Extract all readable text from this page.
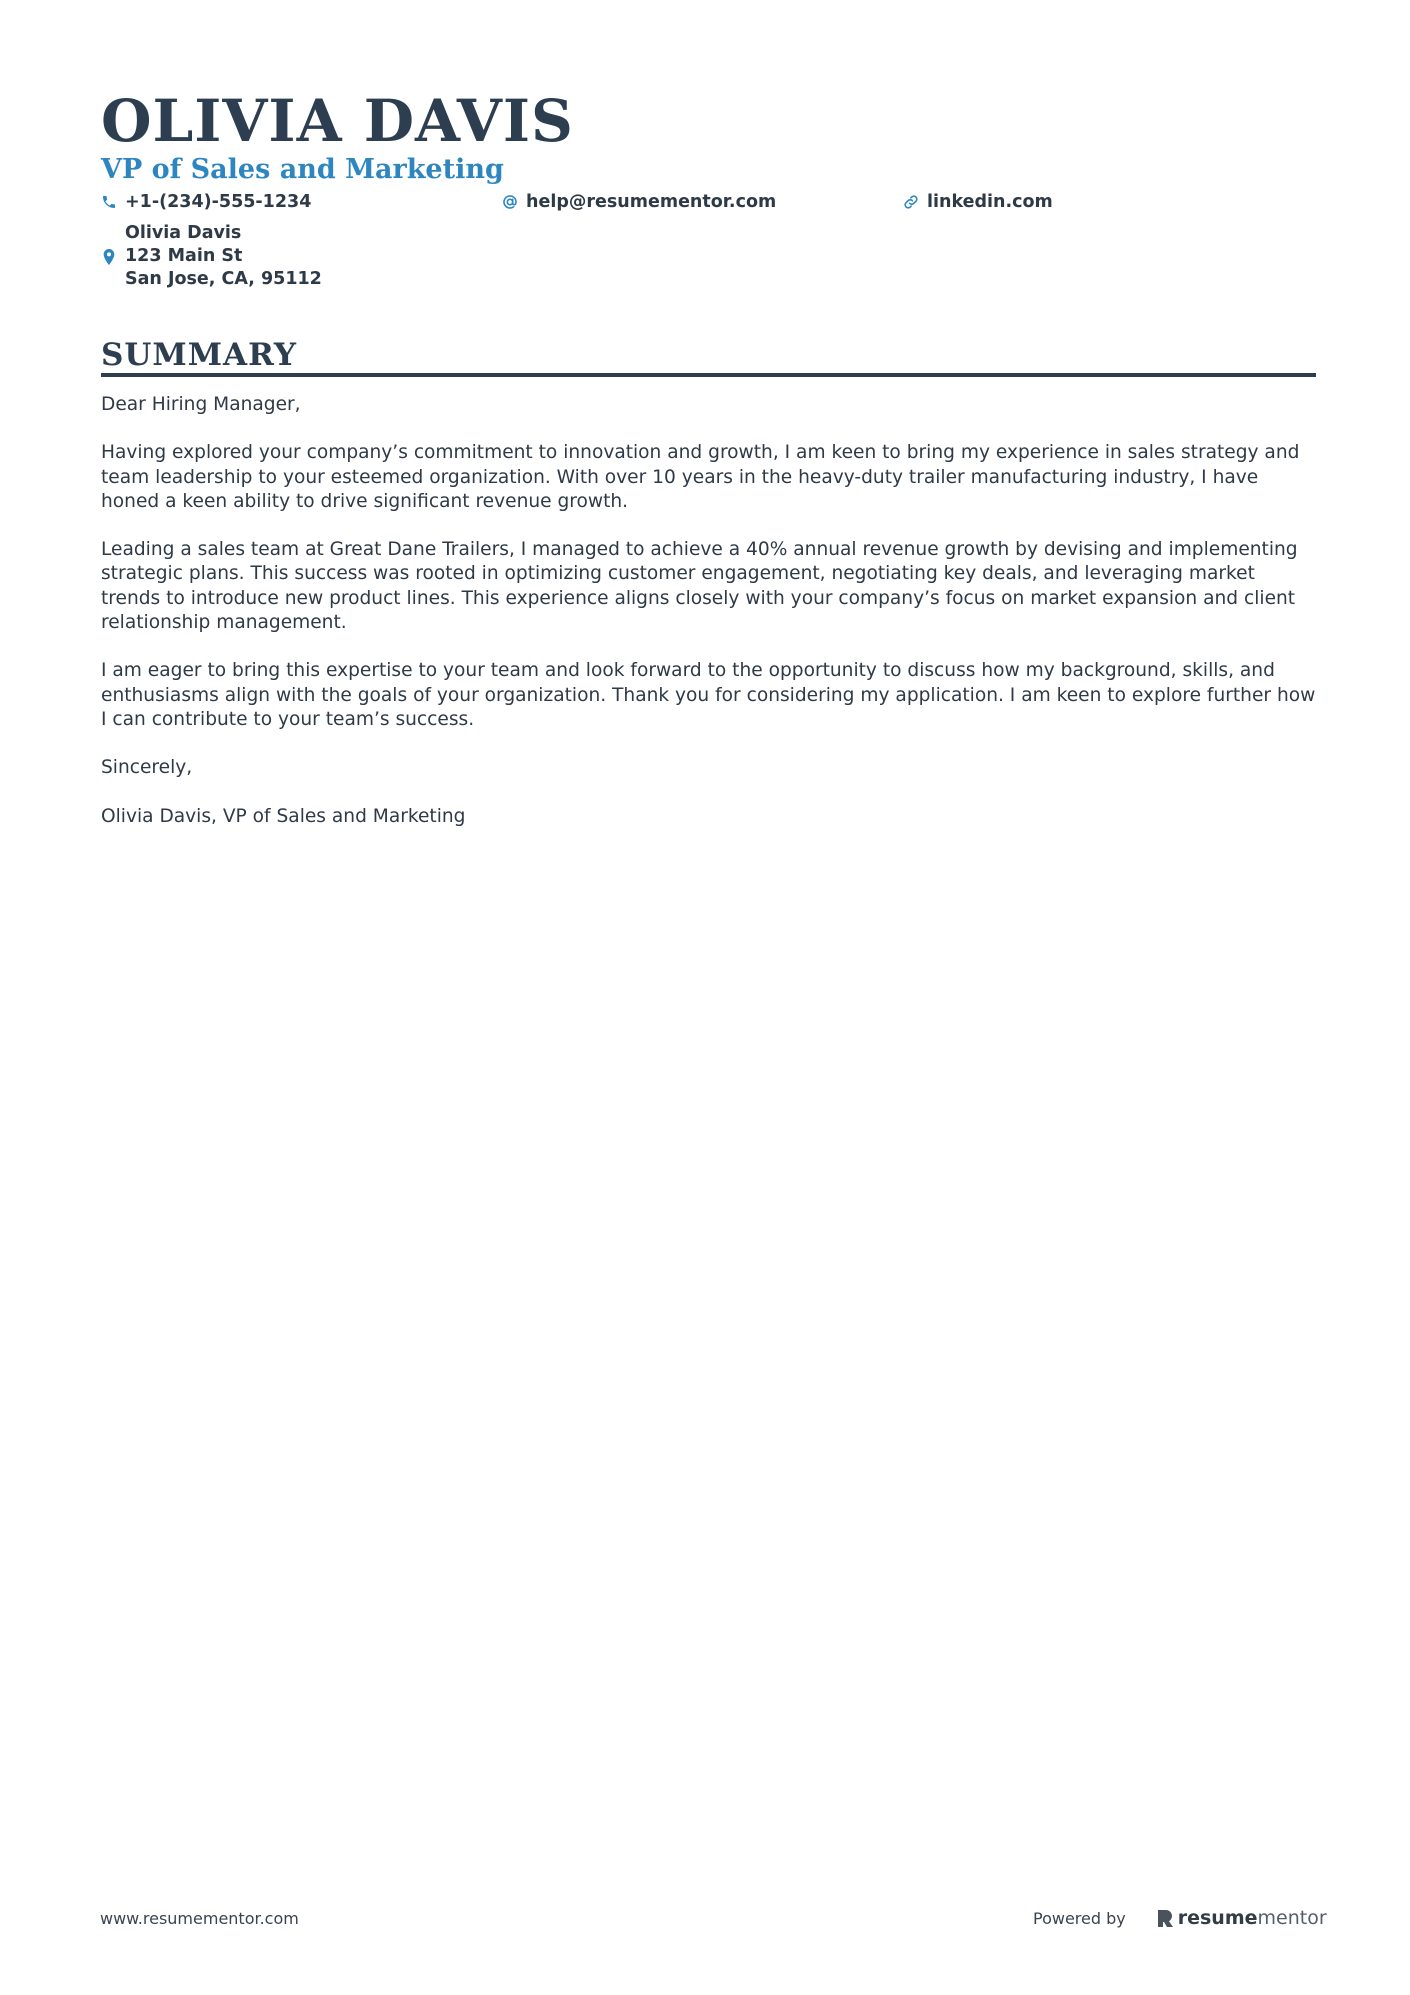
OLIVIA DAVIS
VP of Sales and Marketing
+1-(234)-555-1234	help@resumementor.com	linkedin.com
Olivia Davis
123 Main St
San Jose, CA, 95112
SUMMARY

Dear Hiring Manager,

Having explored your company’s commitment to innovation and growth, I am keen to bring my experience in sales strategy and team leadership to your esteemed organization. With over 10 years in the heavy-duty trailer manufacturing industry, I have honed a keen ability to drive significant revenue growth.

Leading a sales team at Great Dane Trailers, I managed to achieve a 40% annual revenue growth by devising and implementing strategic plans. This success was rooted in optimizing customer engagement, negotiating key deals, and leveraging market trends to introduce new product lines. This experience aligns closely with your company’s focus on market expansion and client relationship management.

I am eager to bring this expertise to your team and look forward to the opportunity to discuss how my background, skills, and enthusiasms align with the goals of your organization. Thank you for considering my application. I am keen to explore further how I can contribute to your team’s success.

Sincerely,

Olivia Davis, VP of Sales and Marketing

www.resumementor.com	Powered by	resumementor
